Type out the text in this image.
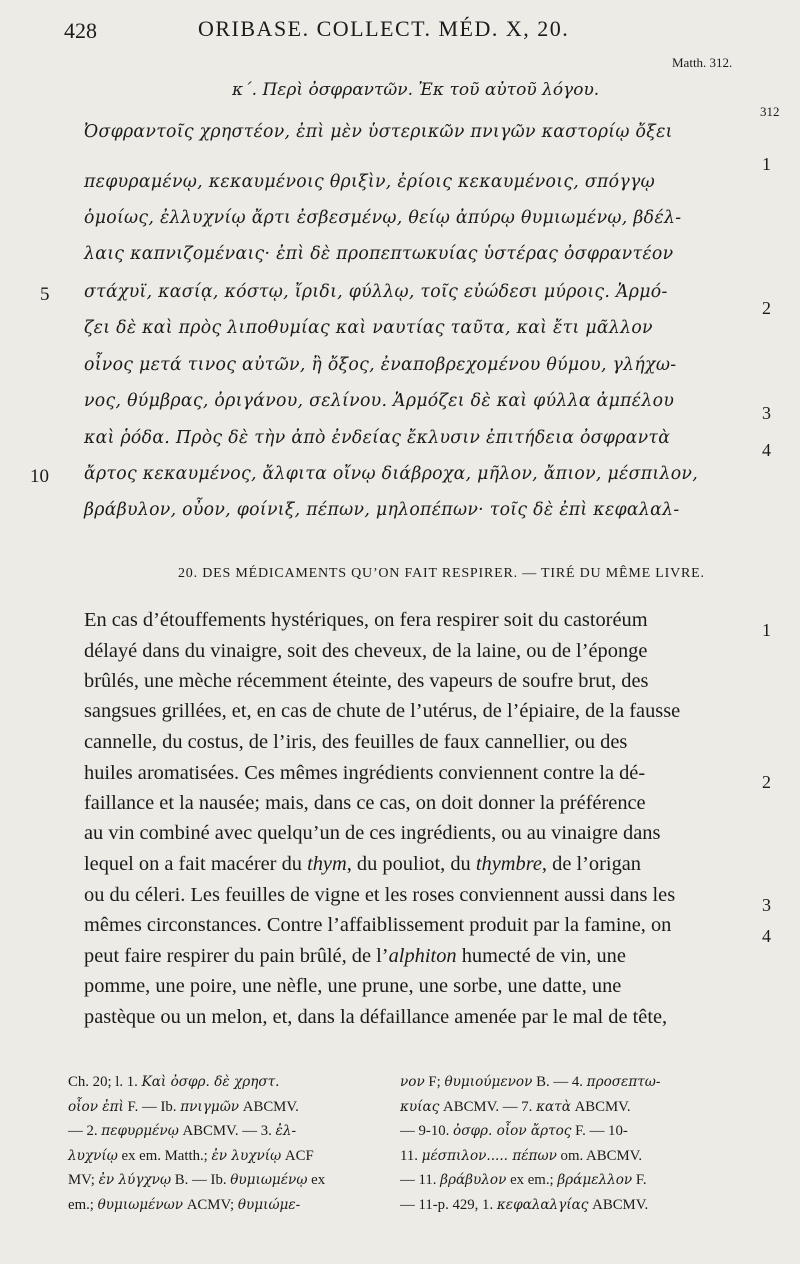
428	ORIBASE. COLLECT. MÉD. X, 20.
Matth. 312.
312
κ΄. Περὶ ὀσφραντῶν. Ἐκ τοῦ αὐτοῦ λόγου.
Ὀσφραντοῖς χρηστέον, ἐπὶ μὲν ὑστερικῶν πνιγῶν καστορίῳ ὄξει
πεφυραμένῳ, κεκαυμένοις θριξὶν, ἐρίοις κεκαυμένοις, σπόγγῳ
ὁμοίως, ἐλλυχνίῳ ἄρτι ἐσβεσμένῳ, θείῳ ἀπύρῳ θυμιωμένῳ, βδέλ-
λαις καπνιζομέναις· ἐπὶ δὲ προπεπτωκυίας ὑστέρας ὀσφραντέον
στάχυϊ, κασίᾳ, κόστῳ, ἴριδι, φύλλῳ, τοῖς εὐώδεσι μύροις. Ἁρμό-
ζει δὲ καὶ πρὸς λιποθυμίας καὶ ναυτίας ταῦτα, καὶ ἔτι μᾶλλον
οἶνος μετά τινος αὐτῶν, ἢ ὄξος, ἐναποβρεχομένου θύμου, γλήχω-
νος, θύμβρας, ὀριγάνου, σελίνου. Ἁρμόζει δὲ καὶ φύλλα ἀμπέλου
καὶ ῥόδα. Πρὸς δὲ τὴν ἀπὸ ἐνδείας ἔκλυσιν ἐπιτήδεια ὀσφραντὰ
ἄρτος κεκαυμένος, ἄλφιτα οἴνῳ διάβροχα, μῆλον, ἄπιον, μέσπιλον,
βράβυλον, οὖον, φοίνιξ, πέπων, μηλοπέπων· τοῖς δὲ ἐπὶ κεφαλαλ-
5
10
1
2
3
4
20. DES MÉDICAMENTS QU’ON FAIT RESPIRER. — TIRÉ DU MÊME LIVRE.
En cas d’étouffements hystériques, on fera respirer soit du castoréum
délayé dans du vinaigre, soit des cheveux, de la laine, ou de l’éponge
brûlés, une mèche récemment éteinte, des vapeurs de soufre brut, des
sangsues grillées, et, en cas de chute de l’utérus, de l’épiaire, de la fausse
cannelle, du costus, de l’iris, des feuilles de faux cannellier, ou des
huiles aromatisées. Ces mêmes ingrédients conviennent contre la dé-
faillance et la nausée; mais, dans ce cas, on doit donner la préférence
au vin combiné avec quelqu’un de ces ingrédients, ou au vinaigre dans
lequel on a fait macérer du thym, du pouliot, du thymbre, de l’origan
ou du céleri. Les feuilles de vigne et les roses conviennent aussi dans les
mêmes circonstances. Contre l’affaiblissement produit par la famine, on
peut faire respirer du pain brûlé, de l’alphiton humecté de vin, une
pomme, une poire, une nèfle, une prune, une sorbe, une datte, une
pastèque ou un melon, et, dans la défaillance amenée par le mal de tête,
1
2
3
4
Ch. 20; l. 1. Καὶ ὀσφρ. δὲ χρηστ.
οἶον ἐπὶ F. — Ib. πνιγμῶν ABCMV.
— 2. πεφυρμένῳ ABCMV. — 3. ἐλ-
λυχνίῳ ex em. Matth.; ἐν λυχνίῳ ACF
MV; ἐν λύγχνῳ B. — Ib. θυμιωμένῳ ex
em.; θυμιωμένων ACMV; θυμιώμε-
νον F; θυμιούμενον B. — 4. προσεπτω-
κυίας ABCMV. — 7. κατὰ ABCMV.
— 9-10. ὀσφρ. οἶον ἄρτος F. — 10-
11. μέσπιλον..... πέπων om. ABCMV.
— 11. βράβυλον ex em.; βράμελλον F.
— 11-p. 429, 1. κεφαλαλγίας ABCMV.
